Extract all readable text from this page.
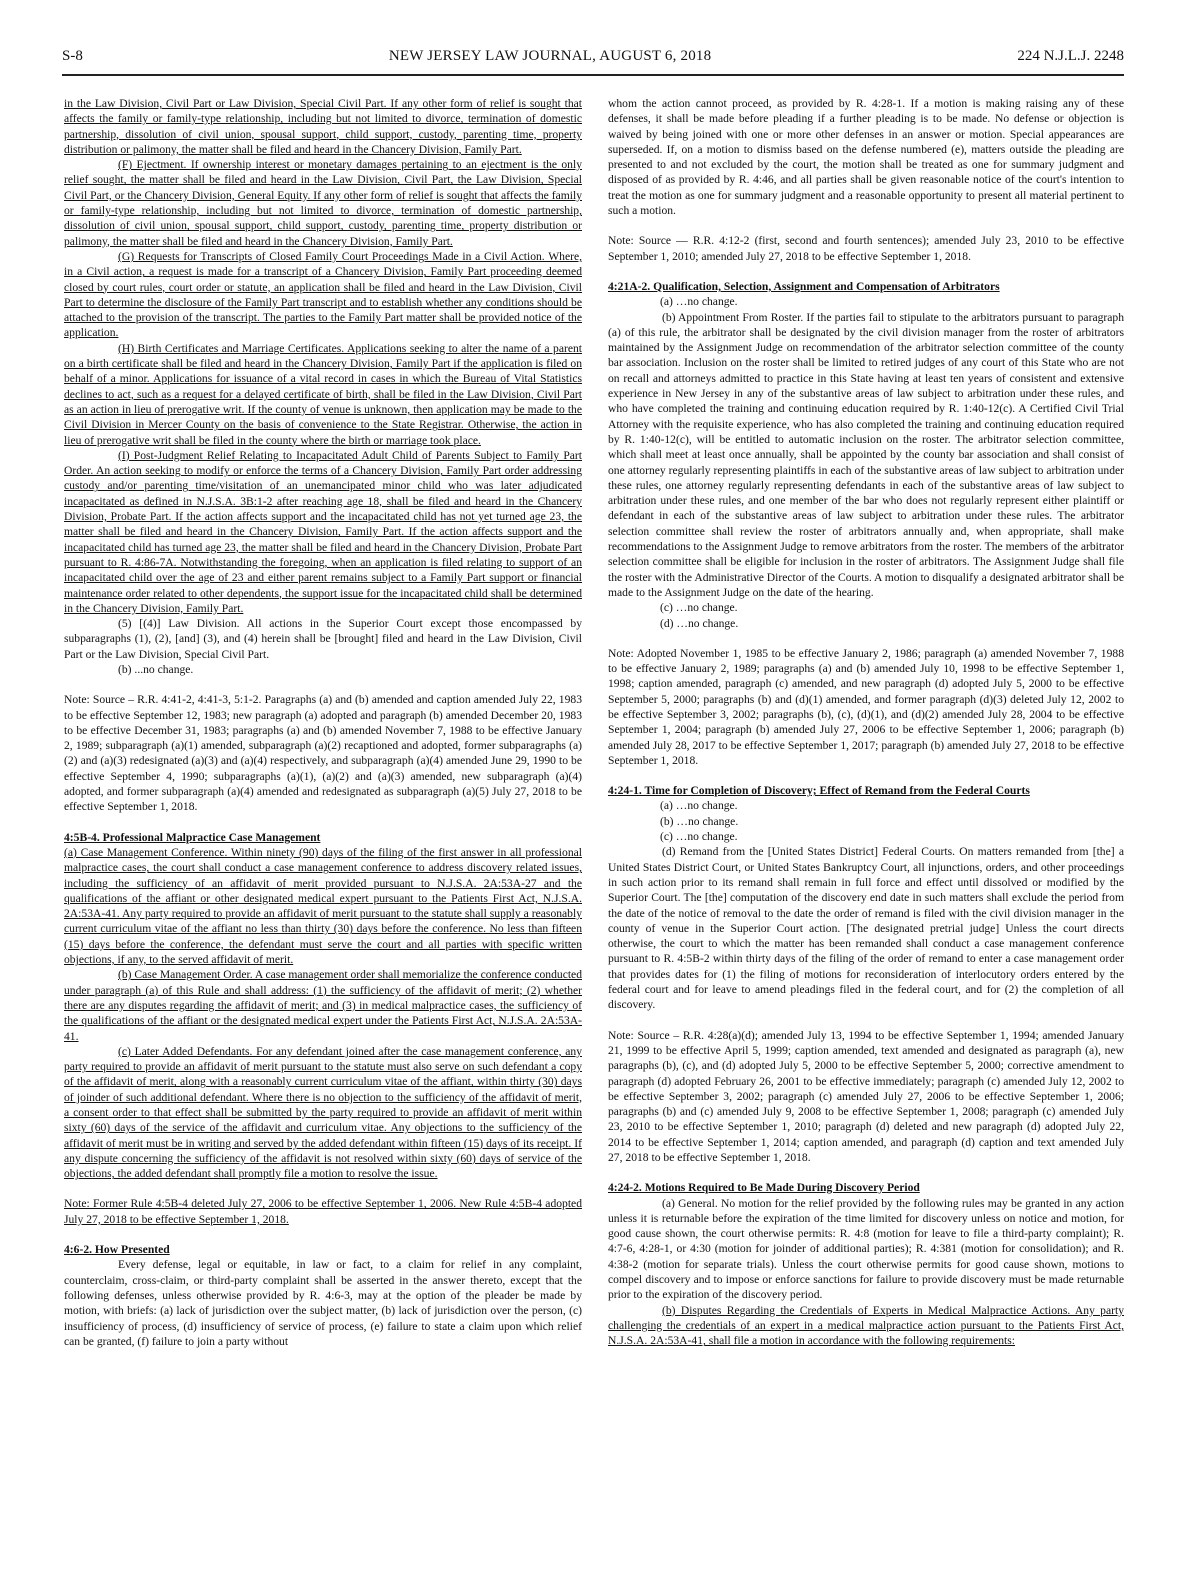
S-8	NEW JERSEY LAW JOURNAL, AUGUST 6, 2018	224 N.J.L.J. 2248

in the Law Division, Civil Part or Law Division, Special Civil Part. If any other form of relief is sought that affects the family or family-type relationship, including but not limited to divorce, termination of domestic partnership, dissolution of civil union, spousal support, child support, custody, parenting time, property distribution or palimony, the matter shall be filed and heard in the Chancery Division, Family Part.

(F) Ejectment. If ownership interest or monetary damages pertaining to an ejectment is the only relief sought, the matter shall be filed and heard in the Law Division, Civil Part, the Law Division, Special Civil Part, or the Chancery Division, General Equity. If any other form of relief is sought that affects the family or family-type relationship, including but not limited to divorce, termination of domestic partnership, dissolution of civil union, spousal support, child support, custody, parenting time, property distribution or palimony, the matter shall be filed and heard in the Chancery Division, Family Part.

(G) Requests for Transcripts of Closed Family Court Proceedings Made in a Civil Action. Where, in a Civil action, a request is made for a transcript of a Chancery Division, Family Part proceeding deemed closed by court rules, court order or statute, an application shall be filed and heard in the Law Division, Civil Part to determine the disclosure of the Family Part transcript and to establish whether any conditions should be attached to the provision of the transcript. The parties to the Family Part matter shall be provided notice of the application.

(H) Birth Certificates and Marriage Certificates. Applications seeking to alter the name of a parent on a birth certificate shall be filed and heard in the Chancery Division, Family Part if the application is filed on behalf of a minor. Applications for issuance of a vital record in cases in which the Bureau of Vital Statistics declines to act, such as a request for a delayed certificate of birth, shall be filed in the Law Division, Civil Part as an action in lieu of prerogative writ. If the county of venue is unknown, then application may be made to the Civil Division in Mercer County on the basis of convenience to the State Registrar. Otherwise, the action in lieu of prerogative writ shall be filed in the county where the birth or marriage took place.

(I) Post-Judgment Relief Relating to Incapacitated Adult Child of Parents Subject to Family Part Order. An action seeking to modify or enforce the terms of a Chancery Division, Family Part order addressing custody and/or parenting time/visitation of an unemancipated minor child who was later adjudicated incapacitated as defined in N.J.S.A. 3B:1-2 after reaching age 18, shall be filed and heard in the Chancery Division, Probate Part. If the action affects support and the incapacitated child has not yet turned age 23, the matter shall be filed and heard in the Chancery Division, Family Part. If the action affects support and the incapacitated child has turned age 23, the matter shall be filed and heard in the Chancery Division, Probate Part pursuant to R. 4:86-7A. Notwithstanding the foregoing, when an application is filed relating to support of an incapacitated child over the age of 23 and either parent remains subject to a Family Part support or financial maintenance order related to other dependents, the support issue for the incapacitated child shall be determined in the Chancery Division, Family Part.

(5) [(4)] Law Division. All actions in the Superior Court except those encompassed by subparagraphs (1), (2), [and] (3), and (4) herein shall be [brought] filed and heard in the Law Division, Civil Part or the Law Division, Special Civil Part.

(b) ...no change.

Note: Source – R.R. 4:41-2, 4:41-3, 5:1-2. Paragraphs (a) and (b) amended and caption amended July 22, 1983 to be effective September 12, 1983; new paragraph (a) adopted and paragraph (b) amended December 20, 1983 to be effective December 31, 1983; paragraphs (a) and (b) amended November 7, 1988 to be effective January 2, 1989; subparagraph (a)(1) amended, subparagraph (a)(2) recaptioned and adopted, former subparagraphs (a)(2) and (a)(3) redesignated (a)(3) and (a)(4) respectively, and subparagraph (a)(4) amended June 29, 1990 to be effective September 4, 1990; subparagraphs (a)(1), (a)(2) and (a)(3) amended, new subparagraph (a)(4) adopted, and former subparagraph (a)(4) amended and redesignated as subparagraph (a)(5) July 27, 2018 to be effective September 1, 2018.

4:5B-4. Professional Malpractice Case Management

(a) Case Management Conference. Within ninety (90) days of the filing of the first answer in all professional malpractice cases, the court shall conduct a case management conference to address discovery related issues, including the sufficiency of an affidavit of merit provided pursuant to N.J.S.A. 2A:53A-27 and the qualifications of the affiant or other designated medical expert pursuant to the Patients First Act, N.J.S.A. 2A:53A-41. Any party required to provide an affidavit of merit pursuant to the statute shall supply a reasonably current curriculum vitae of the affiant no less than thirty (30) days before the conference. No less than fifteen (15) days before the conference, the defendant must serve the court and all parties with specific written objections, if any, to the served affidavit of merit.

(b) Case Management Order. A case management order shall memorialize the conference conducted under paragraph (a) of this Rule and shall address: (1) the sufficiency of the affidavit of merit; (2) whether there are any disputes regarding the affidavit of merit; and (3) in medical malpractice cases, the sufficiency of the qualifications of the affiant or the designated medical expert under the Patients First Act, N.J.S.A. 2A:53A-41.

(c) Later Added Defendants. For any defendant joined after the case management conference, any party required to provide an affidavit of merit pursuant to the statute must also serve on such defendant a copy of the affidavit of merit, along with a reasonably current curriculum vitae of the affiant, within thirty (30) days of joinder of such additional defendant. Where there is no objection to the sufficiency of the affidavit of merit, a consent order to that effect shall be submitted by the party required to provide an affidavit of merit within sixty (60) days of the service of the affidavit and curriculum vitae. Any objections to the sufficiency of the affidavit of merit must be in writing and served by the added defendant within fifteen (15) days of its receipt. If any dispute concerning the sufficiency of the affidavit is not resolved within sixty (60) days of service of the objections, the added defendant shall promptly file a motion to resolve the issue.

Note: Former Rule 4:5B-4 deleted July 27, 2006 to be effective September 1, 2006. New Rule 4:5B-4 adopted July 27, 2018 to be effective September 1, 2018.

4:6-2. How Presented

Every defense, legal or equitable, in law or fact, to a claim for relief in any complaint, counterclaim, cross-claim, or third-party complaint shall be asserted in the answer thereto, except that the following defenses, unless otherwise provided by R. 4:6-3, may at the option of the pleader be made by motion, with briefs: (a) lack of jurisdiction over the subject matter, (b) lack of jurisdiction over the person, (c) insufficiency of process, (d) insufficiency of service of process, (e) failure to state a claim upon which relief can be granted, (f) failure to join a party without

whom the action cannot proceed, as provided by R. 4:28-1. If a motion is making raising any of these defenses, it shall be made before pleading if a further pleading is to be made. No defense or objection is waived by being joined with one or more other defenses in an answer or motion. Special appearances are superseded. If, on a motion to dismiss based on the defense numbered (e), matters outside the pleading are presented to and not excluded by the court, the motion shall be treated as one for summary judgment and disposed of as provided by R. 4:46, and all parties shall be given reasonable notice of the court's intention to treat the motion as one for summary judgment and a reasonable opportunity to present all material pertinent to such a motion.

Note: Source — R.R. 4:12-2 (first, second and fourth sentences); amended July 23, 2010 to be effective September 1, 2010; amended July 27, 2018 to be effective September 1, 2018.

4:21A-2. Qualification, Selection, Assignment and Compensation of Arbitrators

(a) …no change.

(b) Appointment From Roster. If the parties fail to stipulate to the arbitrators pursuant to paragraph (a) of this rule, the arbitrator shall be designated by the civil division manager from the roster of arbitrators maintained by the Assignment Judge on recommendation of the arbitrator selection committee of the county bar association. Inclusion on the roster shall be limited to retired judges of any court of this State who are not on recall and attorneys admitted to practice in this State having at least ten years of consistent and extensive experience in New Jersey in any of the substantive areas of law subject to arbitration under these rules, and who have completed the training and continuing education required by R. 1:40-12(c). A Certified Civil Trial Attorney with the requisite experience, who has also completed the training and continuing education required by R. 1:40-12(c), will be entitled to automatic inclusion on the roster. The arbitrator selection committee, which shall meet at least once annually, shall be appointed by the county bar association and shall consist of one attorney regularly representing plaintiffs in each of the substantive areas of law subject to arbitration under these rules, one attorney regularly representing defendants in each of the substantive areas of law subject to arbitration under these rules, and one member of the bar who does not regularly represent either plaintiff or defendant in each of the substantive areas of law subject to arbitration under these rules. The arbitrator selection committee shall review the roster of arbitrators annually and, when appropriate, shall make recommendations to the Assignment Judge to remove arbitrators from the roster. The members of the arbitrator selection committee shall be eligible for inclusion in the roster of arbitrators. The Assignment Judge shall file the roster with the Administrative Director of the Courts. A motion to disqualify a designated arbitrator shall be made to the Assignment Judge on the date of the hearing.

(c) …no change.

(d) …no change.

Note: Adopted November 1, 1985 to be effective January 2, 1986; paragraph (a) amended November 7, 1988 to be effective January 2, 1989; paragraphs (a) and (b) amended July 10, 1998 to be effective September 1, 1998; caption amended, paragraph (c) amended, and new paragraph (d) adopted July 5, 2000 to be effective September 5, 2000; paragraphs (b) and (d)(1) amended, and former paragraph (d)(3) deleted July 12, 2002 to be effective September 3, 2002; paragraphs (b), (c), (d)(1), and (d)(2) amended July 28, 2004 to be effective September 1, 2004; paragraph (b) amended July 27, 2006 to be effective September 1, 2006; paragraph (b) amended July 28, 2017 to be effective September 1, 2017; paragraph (b) amended July 27, 2018 to be effective September 1, 2018.

4:24-1. Time for Completion of Discovery; Effect of Remand from the Federal Courts

(a) …no change.

(b) …no change.

(c) …no change.

(d) Remand from the [United States District] Federal Courts. On matters remanded from [the] a United States District Court, or United States Bankruptcy Court, all injunctions, orders, and other proceedings in such action prior to its remand shall remain in full force and effect until dissolved or modified by the Superior Court. The [the] computation of the discovery end date in such matters shall exclude the period from the date of the notice of removal to the date the order of remand is filed with the civil division manager in the county of venue in the Superior Court action. [The designated pretrial judge] Unless the court directs otherwise, the court to which the matter has been remanded shall conduct a case management conference pursuant to R. 4:5B-2 within thirty days of the filing of the order of remand to enter a case management order that provides dates for (1) the filing of motions for reconsideration of interlocutory orders entered by the federal court and for leave to amend pleadings filed in the federal court, and for (2) the completion of all discovery.

Note: Source – R.R. 4:28(a)(d); amended July 13, 1994 to be effective September 1, 1994; amended January 21, 1999 to be effective April 5, 1999; caption amended, text amended and designated as paragraph (a), new paragraphs (b), (c), and (d) adopted July 5, 2000 to be effective September 5, 2000; corrective amendment to paragraph (d) adopted February 26, 2001 to be effective immediately; paragraph (c) amended July 12, 2002 to be effective September 3, 2002; paragraph (c) amended July 27, 2006 to be effective September 1, 2006; paragraphs (b) and (c) amended July 9, 2008 to be effective September 1, 2008; paragraph (c) amended July 23, 2010 to be effective September 1, 2010; paragraph (d) deleted and new paragraph (d) adopted July 22, 2014 to be effective September 1, 2014; caption amended, and paragraph (d) caption and text amended July 27, 2018 to be effective September 1, 2018.

4:24-2. Motions Required to Be Made During Discovery Period

(a) General. No motion for the relief provided by the following rules may be granted in any action unless it is returnable before the expiration of the time limited for discovery unless on notice and motion, for good cause shown, the court otherwise permits: R. 4:8 (motion for leave to file a third-party complaint); R. 4:7-6, 4:28-1, or 4:30 (motion for joinder of additional parties); R. 4:381 (motion for consolidation); and R. 4:38-2 (motion for separate trials). Unless the court otherwise permits for good cause shown, motions to compel discovery and to impose or enforce sanctions for failure to provide discovery must be made returnable prior to the expiration of the discovery period.

(b) Disputes Regarding the Credentials of Experts in Medical Malpractice Actions. Any party challenging the credentials of an expert in a medical malpractice action pursuant to the Patients First Act, N.J.S.A. 2A:53A-41, shall file a motion in accordance with the following requirements:
